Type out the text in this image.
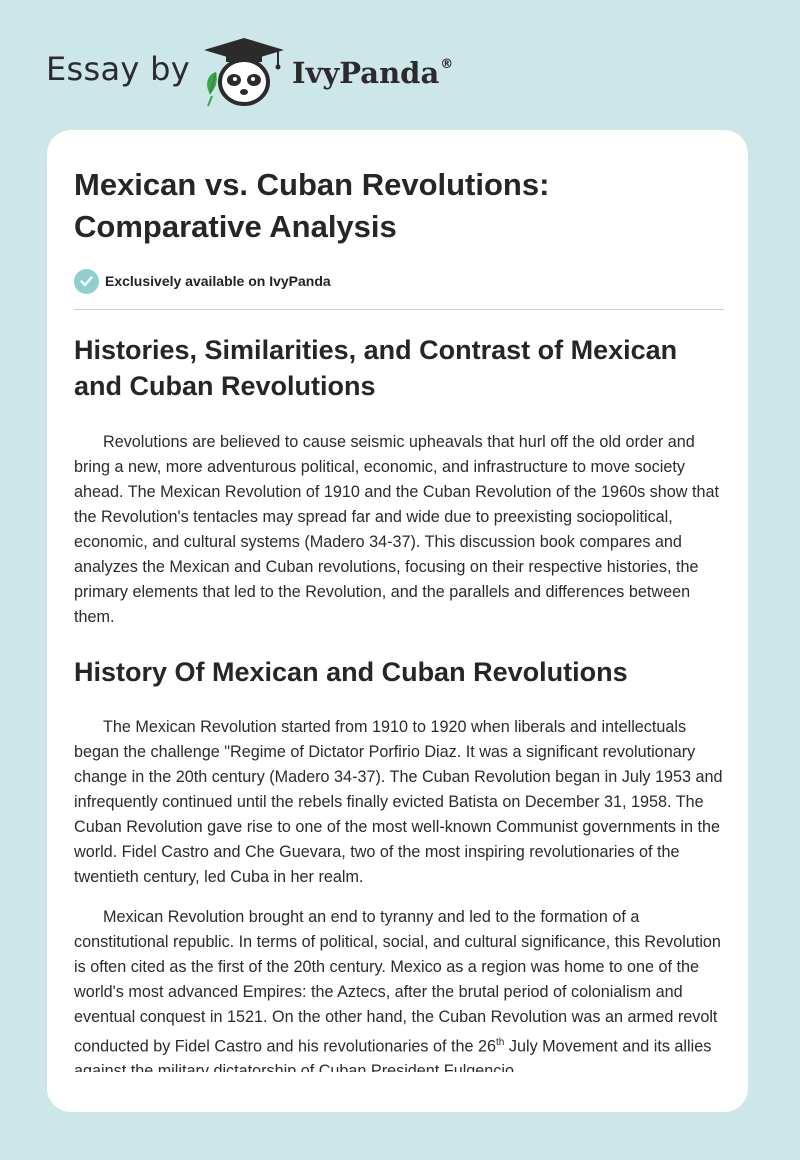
Essay by	IvyPanda®
Mexican vs. Cuban Revolutions: Comparative Analysis
Exclusively available on IvyPanda
Histories, Similarities, and Contrast of Mexican and Cuban Revolutions

Revolutions are believed to cause seismic upheavals that hurl off the old order and bring a new, more adventurous political, economic, and infrastructure to move society ahead. The Mexican Revolution of 1910 and the Cuban Revolution of the 1960s show that the Revolution's tentacles may spread far and wide due to preexisting sociopolitical, economic, and cultural systems (Madero 34-37). This discussion book compares and analyzes the Mexican and Cuban revolutions, focusing on their respective histories, the primary elements that led to the Revolution, and the parallels and differences between them.

History Of Mexican and Cuban Revolutions

The Mexican Revolution started from 1910 to 1920 when liberals and intellectuals began the challenge "Regime of Dictator Porfirio Diaz. It was a significant revolutionary change in the 20th century (Madero 34-37). The Cuban Revolution began in July 1953 and infrequently continued until the rebels finally evicted Batista on December 31, 1958. The Cuban Revolution gave rise to one of the most well-known Communist governments in the world. Fidel Castro and Che Guevara, two of the most inspiring revolutionaries of the twentieth century, led Cuba in her realm.

Mexican Revolution brought an end to tyranny and led to the formation of a constitutional republic. In terms of political, social, and cultural significance, this Revolution is often cited as the first of the 20th century. Mexico as a region was home to one of the world's most advanced Empires: the Aztecs, after the brutal period of colonialism and eventual conquest in 1521. On the other hand, the Cuban Revolution was an armed revolt conducted by Fidel Castro and his revolutionaries of the 26th July Movement and its allies
